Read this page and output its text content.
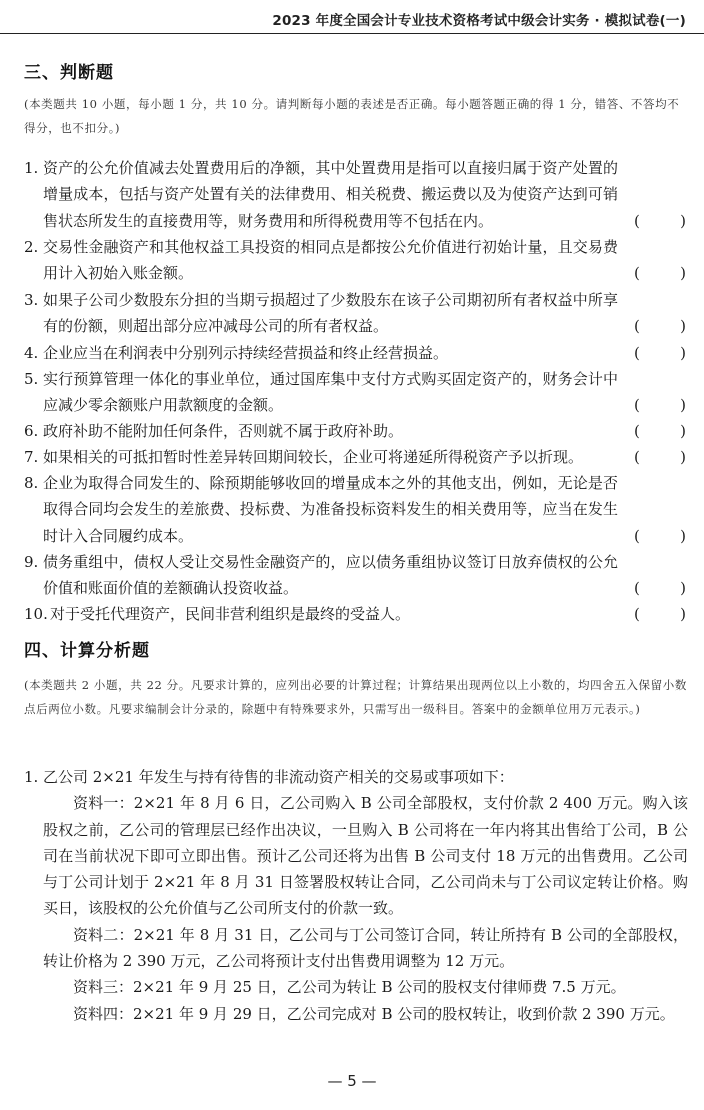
2023 年度全国会计专业技术资格考试中级会计实务 · 模拟试卷(一)
三、判断题
(本类题共 10 小题，每小题 1 分，共 10 分。请判断每小题的表述是否正确。每小题答题正确的得 1 分，错答、不答均不得分，也不扣分。)
1. 资产的公允价值减去处置费用后的净额，其中处置费用是指可以直接归属于资产处置的增量成本，包括与资产处置有关的法律费用、相关税费、搬运费以及为使资产达到可销售状态所发生的直接费用等，财务费用和所得税费用等不包括在内。	(	)
2. 交易性金融资产和其他权益工具投资的相同点是都按公允价值进行初始计量，且交易费用计入初始入账金额。	(	)
3. 如果子公司少数股东分担的当期亏损超过了少数股东在该子公司期初所有者权益中所享有的份额，则超出部分应冲减母公司的所有者权益。	(	)
4. 企业应当在利润表中分别列示持续经营损益和终止经营损益。	(	)
5. 实行预算管理一体化的事业单位，通过国库集中支付方式购买固定资产的，财务会计中应减少零余额账户用款额度的金额。	(	)
6. 政府补助不能附加任何条件，否则就不属于政府补助。	(	)
7. 如果相关的可抵扣暂时性差异转回期间较长，企业可将递延所得税资产予以折现。	(	)
8. 企业为取得合同发生的、除预期能够收回的增量成本之外的其他支出，例如，无论是否取得合同均会发生的差旅费、投标费、为准备投标资料发生的相关费用等，应当在发生时计入合同履约成本。	(	)
9. 债务重组中，债权人受让交易性金融资产的，应以债务重组协议签订日放弃债权的公允价值和账面价值的差额确认投资收益。	(	)
10. 对于受托代理资产，民间非营利组织是最终的受益人。	(	)
四、计算分析题
(本类题共 2 小题，共 22 分。凡要求计算的，应列出必要的计算过程；计算结果出现两位以上小数的，均四舍五入保留小数点后两位小数。凡要求编制会计分录的，除题中有特殊要求外，只需写出一级科目。答案中的金额单位用万元表示。)
1. 乙公司 2×21 年发生与持有待售的非流动资产相关的交易或事项如下：
资料一：2×21 年 8 月 6 日，乙公司购入 B 公司全部股权，支付价款 2 400 万元。购入该股权之前，乙公司的管理层已经作出决议，一旦购入 B 公司将在一年内将其出售给丁公司，B 公司在当前状况下即可立即出售。预计乙公司还将为出售 B 公司支付 18 万元的出售费用。乙公司与丁公司计划于 2×21 年 8 月 31 日签署股权转让合同，乙公司尚未与丁公司议定转让价格。购买日，该股权的公允价值与乙公司所支付的价款一致。
资料二：2×21 年 8 月 31 日，乙公司与丁公司签订合同，转让所持有 B 公司的全部股权，转让价格为 2 390 万元，乙公司将预计支付出售费用调整为 12 万元。
资料三：2×21 年 9 月 25 日，乙公司为转让 B 公司的股权支付律师费 7.5 万元。
资料四：2×21 年 9 月 29 日，乙公司完成对 B 公司的股权转让，收到价款 2 390 万元。
— 5 —
